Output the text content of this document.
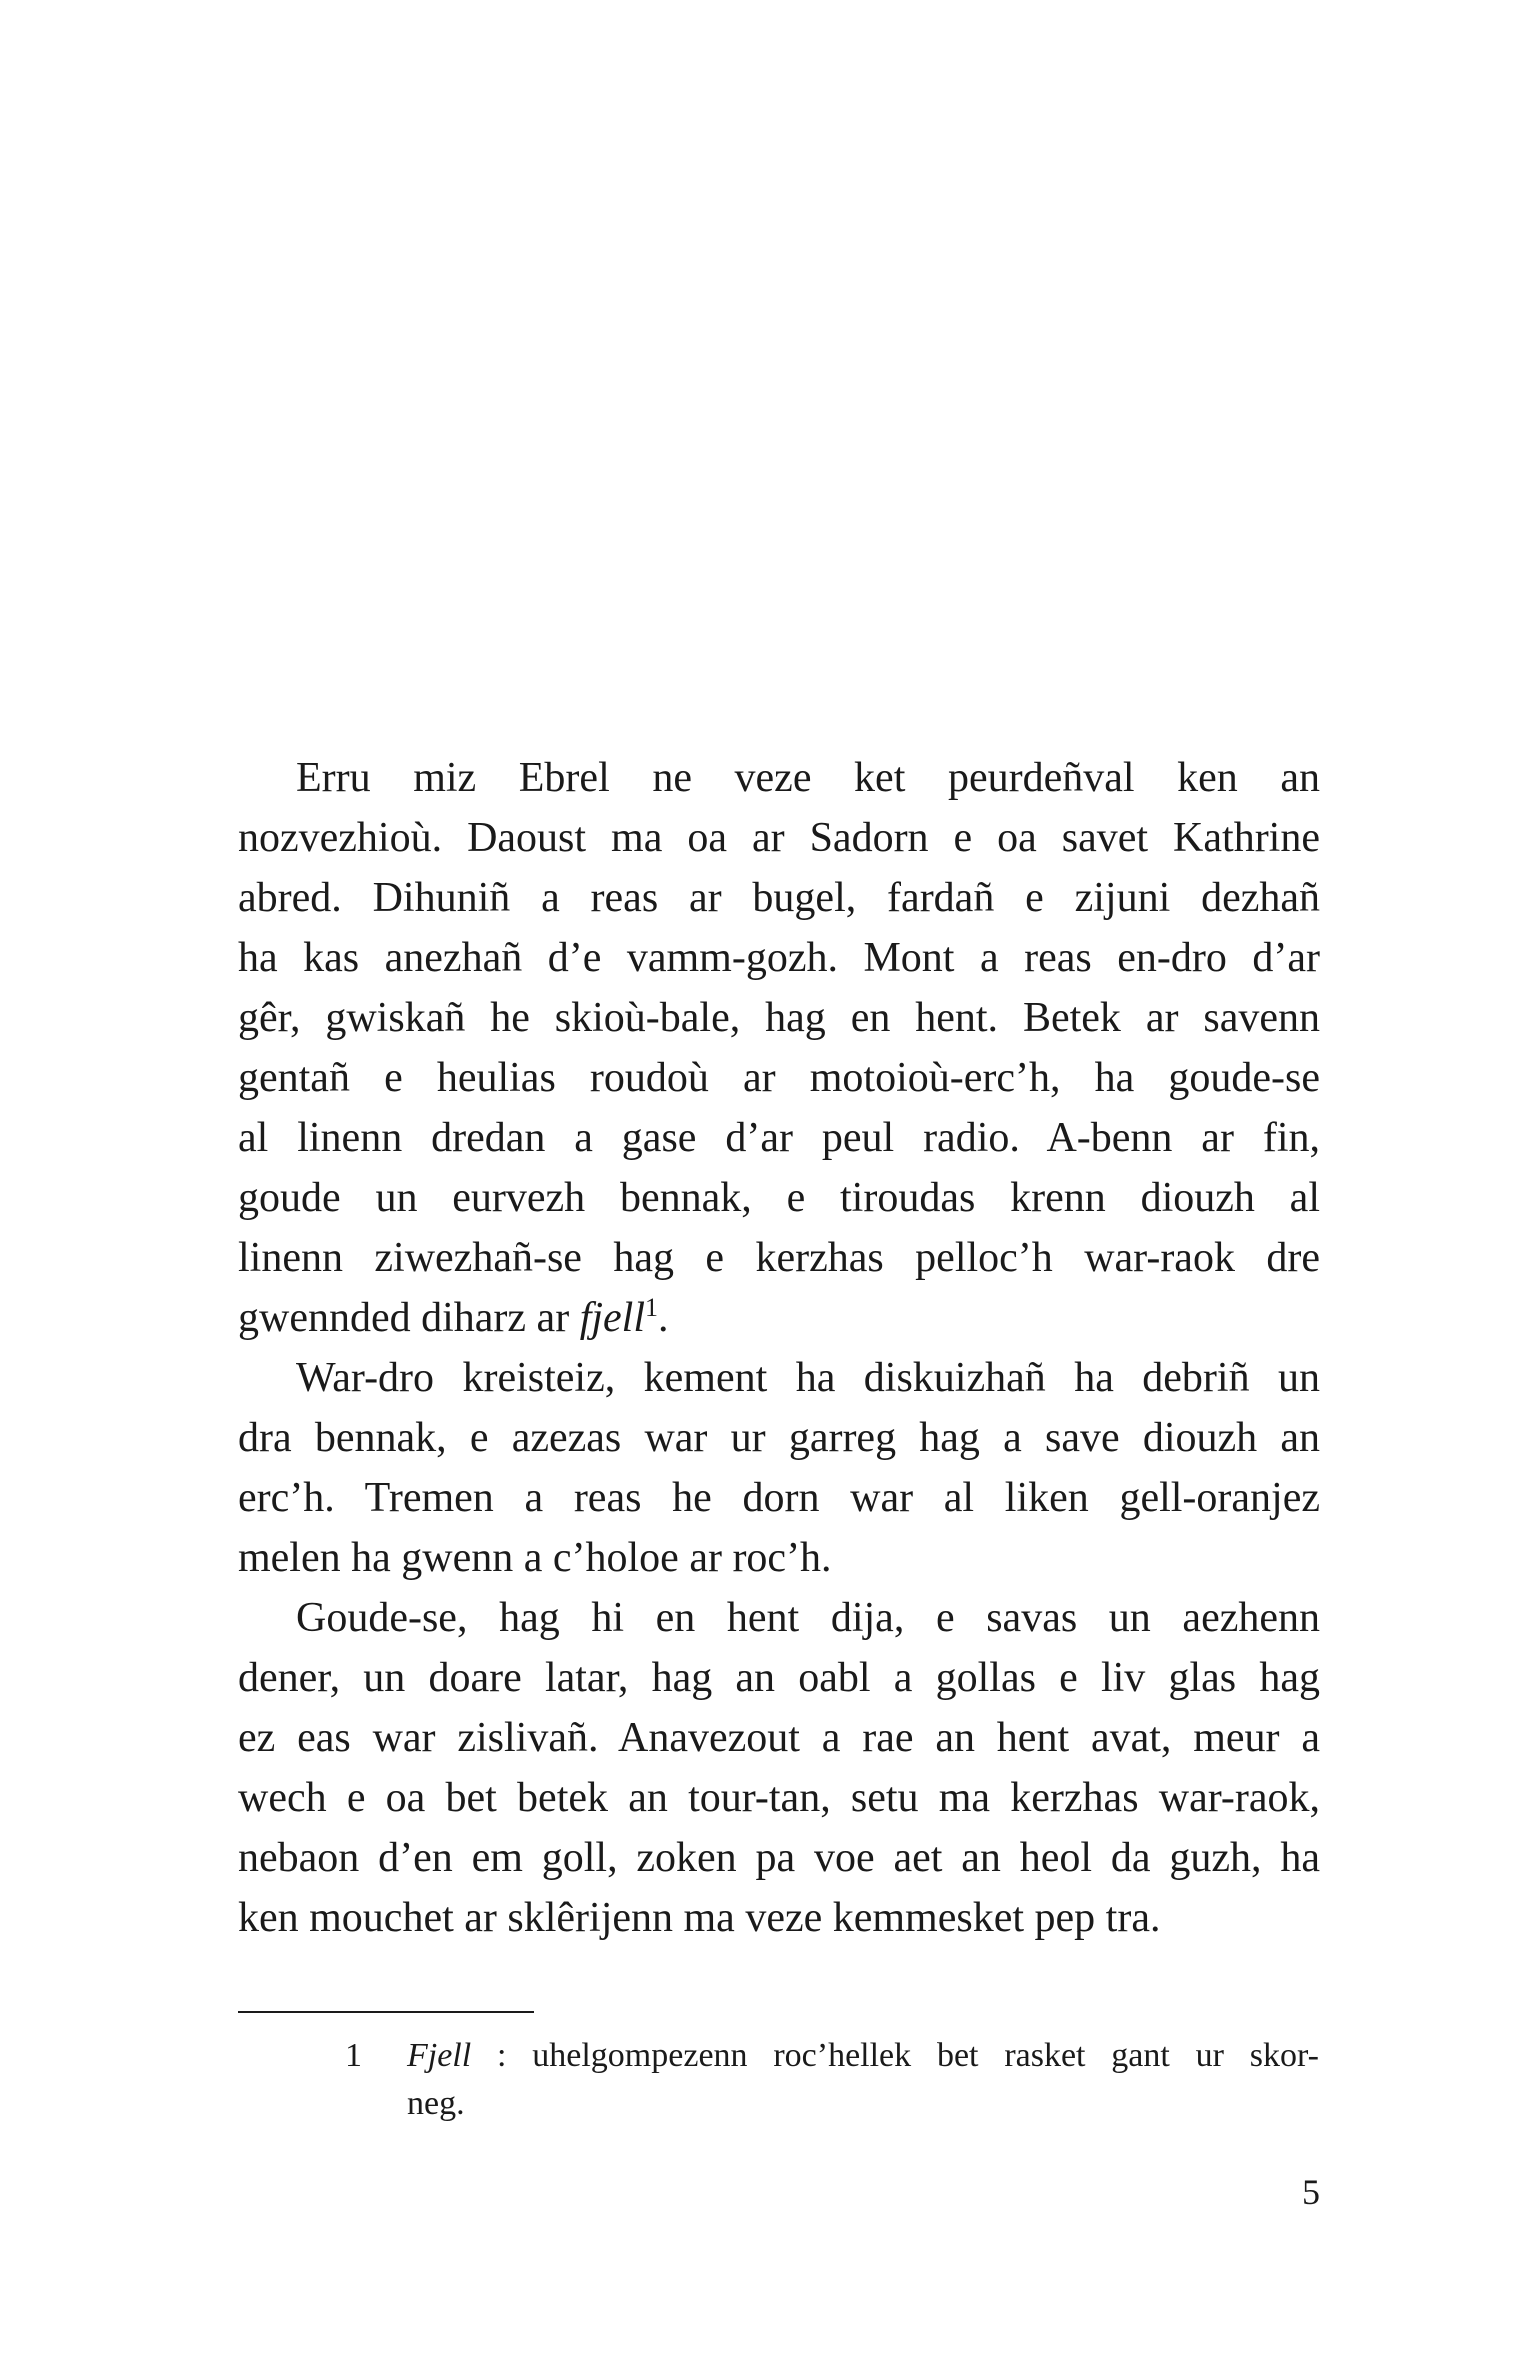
Erru miz Ebrel ne veze ket peurdeñval ken an
nozvezhioù. Daoust ma oa ar Sadorn e oa savet Kathrine
abred. Dihuniñ a reas ar bugel, fardañ e zijuni dezhañ
ha kas anezhañ d’e vamm-gozh. Mont a reas en-dro d’ar
gêr, gwiskañ he skioù-bale, hag en hent. Betek ar savenn
gentañ e heulias roudoù ar motoioù-erc’h, ha goude-se
al linenn dredan a gase d’ar peul radio. A-benn ar fin,
goude un eurvezh bennak, e tiroudas krenn diouzh al
linenn ziwezhañ-se hag e kerzhas pelloc’h war-raok dre
gwennded diharz ar fjell$^1$.
War-dro kreisteiz, kement ha diskuizhañ ha debriñ un
dra bennak, e azezas war ur garreg hag a save diouzh an
erc’h. Tremen a reas he dorn war al liken gell-oranjez
melen ha gwenn a c’holoe ar roc’h.
Goude-se, hag hi en hent dija, e savas un aezhenn
dener, un doare latar, hag an oabl a gollas e liv glas hag
ez eas war zislivañ. Anavezout a rae an hent avat, meur a
wech e oa bet betek an tour-tan, setu ma kerzhas war-raok,
nebaon d’en em goll, zoken pa voe aet an heol da guzh, ha
ken mouchet ar sklêrijenn ma veze kemmesket pep tra.
1 Fjell : uhelgompezenn roc’hellek bet rasket gant ur skor-
neg.
5
